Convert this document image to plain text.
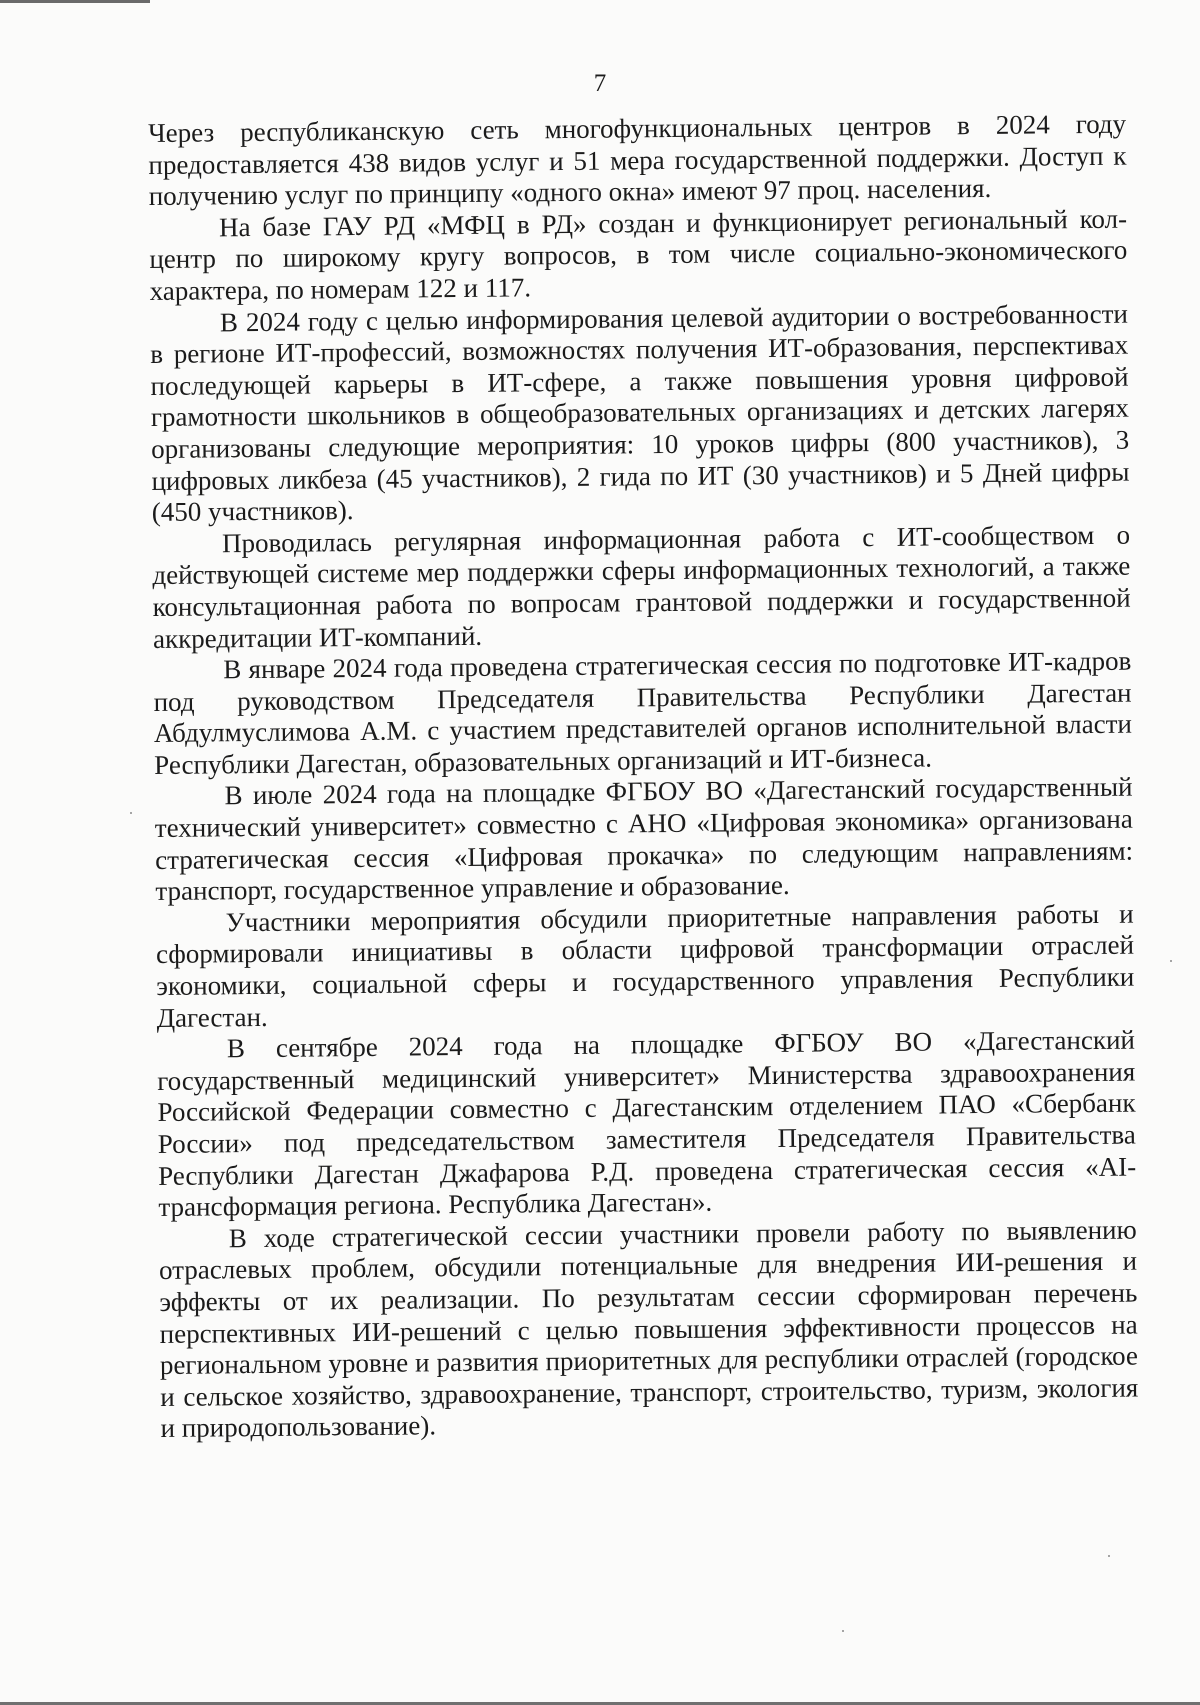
7

Через республиканскую сеть многофункциональных центров в 2024 году предоставляется 438 видов услуг и 51 мера государственной поддержки. Доступ к получению услуг по принципу «одного окна» имеют 97 проц. населения.

На базе ГАУ РД «МФЦ в РД» создан и функционирует региональный кол-центр по широкому кругу вопросов, в том числе социально-экономического характера, по номерам 122 и 117.

В 2024 году с целью информирования целевой аудитории о востребованности в регионе ИТ-профессий, возможностях получения ИТ-образования, перспективах последующей карьеры в ИТ-сфере, а также повышения уровня цифровой грамотности школьников в общеобразовательных организациях и детских лагерях организованы следующие мероприятия: 10 уроков цифры (800 участников), 3 цифровых ликбеза (45 участников), 2 гида по ИТ (30 участников) и 5 Дней цифры (450 участников).

Проводилась регулярная информационная работа с ИТ-сообществом о действующей системе мер поддержки сферы информационных технологий, а также консультационная работа по вопросам грантовой поддержки и государственной аккредитации ИТ-компаний.

В январе 2024 года проведена стратегическая сессия по подготовке ИТ-кадров под руководством Председателя Правительства Республики Дагестан Абдулмуслимова А.М. с участием представителей органов исполнительной власти Республики Дагестан, образовательных организаций и ИТ-бизнеса.

В июле 2024 года на площадке ФГБОУ ВО «Дагестанский государственный технический университет» совместно с АНО «Цифровая экономика» организована стратегическая сессия «Цифровая прокачка» по следующим направлениям: транспорт, государственное управление и образование.

Участники мероприятия обсудили приоритетные направления работы и сформировали инициативы в области цифровой трансформации отраслей экономики, социальной сферы и государственного управления Республики Дагестан.

В сентябре 2024 года на площадке ФГБОУ ВО «Дагестанский государственный медицинский университет» Министерства здравоохранения Российской Федерации совместно с Дагестанским отделением ПАО «Сбербанк России» под председательством заместителя Председателя Правительства Республики Дагестан Джафарова Р.Д. проведена стратегическая сессия «AI-трансформация региона. Республика Дагестан».

В ходе стратегической сессии участники провели работу по выявлению отраслевых проблем, обсудили потенциальные для внедрения ИИ-решения и эффекты от их реализации. По результатам сессии сформирован перечень перспективных ИИ-решений с целью повышения эффективности процессов на региональном уровне и развития приоритетных для республики отраслей (городское и сельское хозяйство, здравоохранение, транспорт, строительство, туризм, экология и природопользование).
